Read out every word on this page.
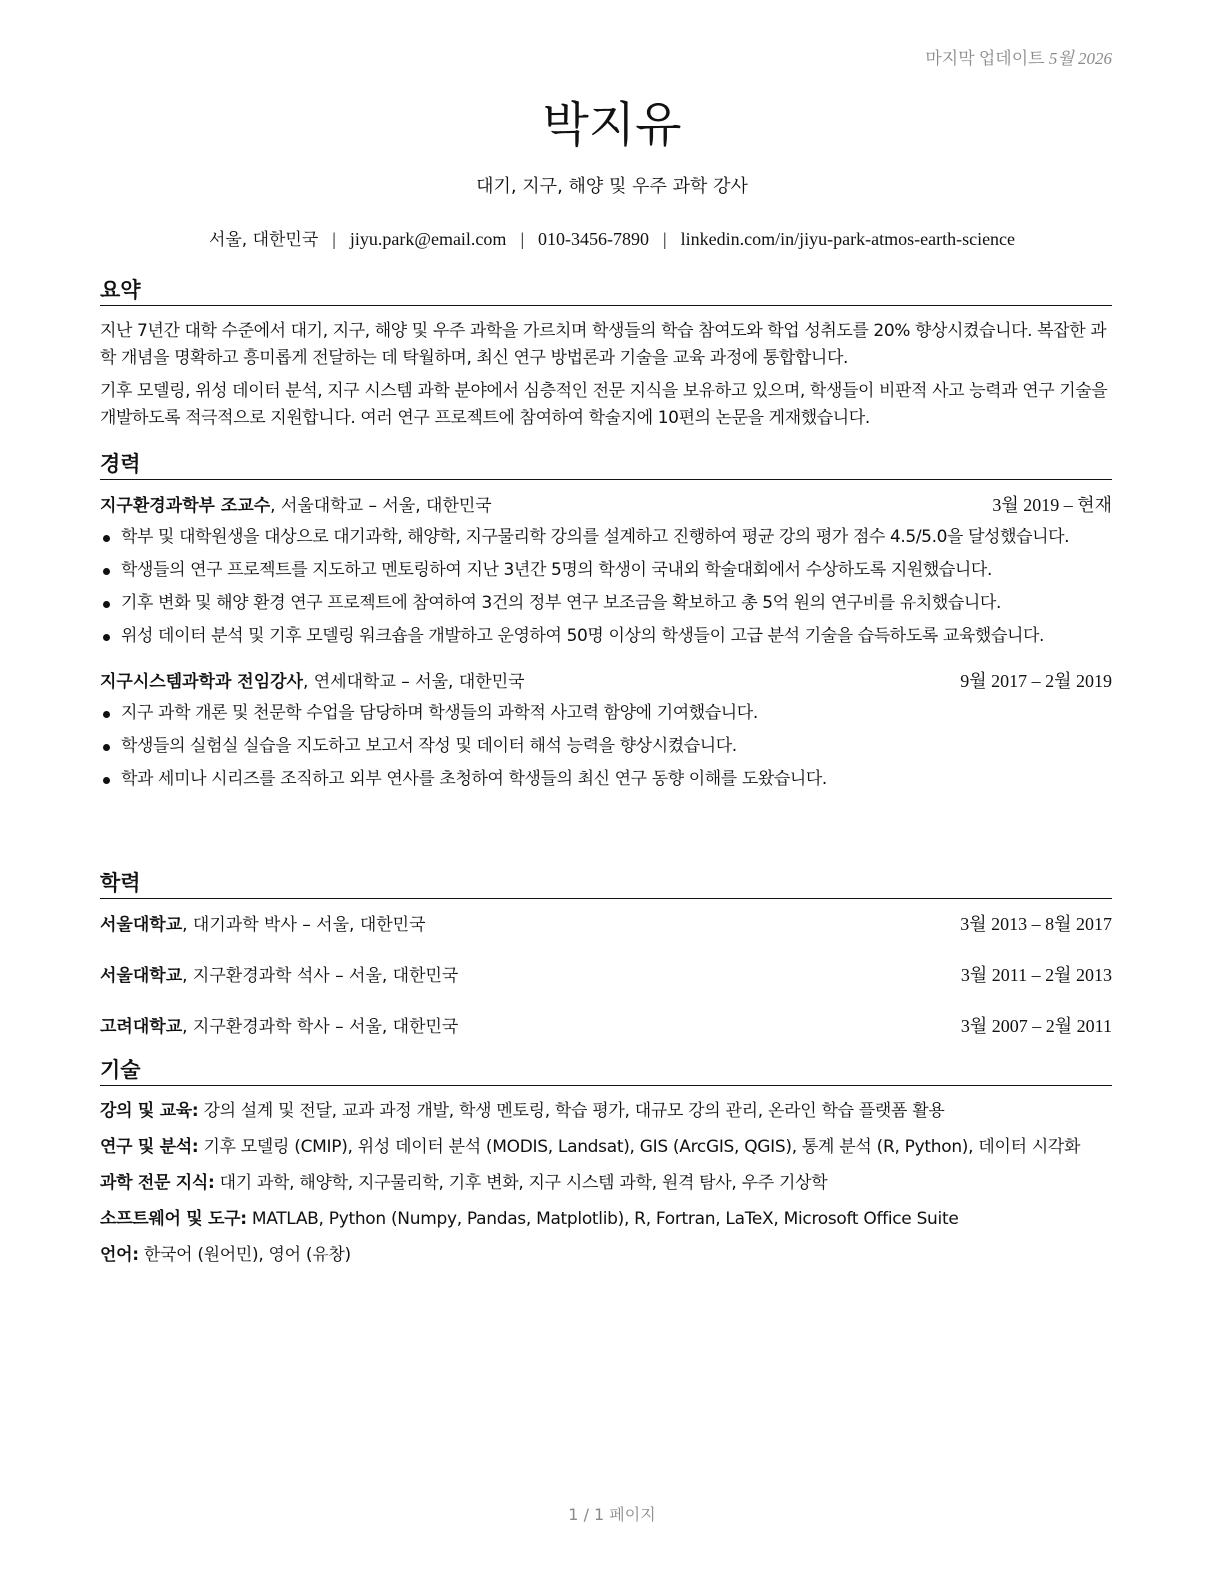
마지막 업데이트 5월 2026
박지유
대기, 지구, 해양 및 우주 과학 강사
서울, 대한민국 | jiyu.park@email.com | 010-3456-7890 | linkedin.com/in/jiyu-park-atmos-earth-science
요약

지난 7년간 대학 수준에서 대기, 지구, 해양 및 우주 과학을 가르치며 학생들의 학습 참여도와 학업 성취도를 20% 향상시켰습니다. 복잡한 과학 개념을 명확하고 흥미롭게 전달하는 데 탁월하며, 최신 연구 방법론과 기술을 교육 과정에 통합합니다.

기후 모델링, 위성 데이터 분석, 지구 시스템 과학 분야에서 심층적인 전문 지식을 보유하고 있으며, 학생들이 비판적 사고 능력과 연구 기술을 개발하도록 적극적으로 지원합니다. 여러 연구 프로젝트에 참여하여 학술지에 10편의 논문을 게재했습니다.

경력
지구환경과학부 조교수, 서울대학교 – 서울, 대한민국	3월 2019 – 현재
학부 및 대학원생을 대상으로 대기과학, 해양학, 지구물리학 강의를 설계하고 진행하여 평균 강의 평가 점수 4.5/5.0을 달성했습니다.
학생들의 연구 프로젝트를 지도하고 멘토링하여 지난 3년간 5명의 학생이 국내외 학술대회에서 수상하도록 지원했습니다.
기후 변화 및 해양 환경 연구 프로젝트에 참여하여 3건의 정부 연구 보조금을 확보하고 총 5억 원의 연구비를 유치했습니다.
위성 데이터 분석 및 기후 모델링 워크숍을 개발하고 운영하여 50명 이상의 학생들이 고급 분석 기술을 습득하도록 교육했습니다.
지구시스템과학과 전임강사, 연세대학교 – 서울, 대한민국	9월 2017 – 2월 2019
지구 과학 개론 및 천문학 수업을 담당하며 학생들의 과학적 사고력 함양에 기여했습니다.
학생들의 실험실 실습을 지도하고 보고서 작성 및 데이터 해석 능력을 향상시켰습니다.
학과 세미나 시리즈를 조직하고 외부 연사를 초청하여 학생들의 최신 연구 동향 이해를 도왔습니다.
학력
서울대학교, 대기과학 박사 – 서울, 대한민국	3월 2013 – 8월 2017
서울대학교, 지구환경과학 석사 – 서울, 대한민국	3월 2011 – 2월 2013
고려대학교, 지구환경과학 학사 – 서울, 대한민국	3월 2007 – 2월 2011
기술
강의 및 교육: 강의 설계 및 전달, 교과 과정 개발, 학생 멘토링, 학습 평가, 대규모 강의 관리, 온라인 학습 플랫폼 활용
연구 및 분석: 기후 모델링 (CMIP), 위성 데이터 분석 (MODIS, Landsat), GIS (ArcGIS, QGIS), 통계 분석 (R, Python), 데이터 시각화
과학 전문 지식: 대기 과학, 해양학, 지구물리학, 기후 변화, 지구 시스템 과학, 원격 탐사, 우주 기상학
소프트웨어 및 도구: MATLAB, Python (Numpy, Pandas, Matplotlib), R, Fortran, LaTeX, Microsoft Office Suite
언어: 한국어 (원어민), 영어 (유창)
1 / 1 페이지
